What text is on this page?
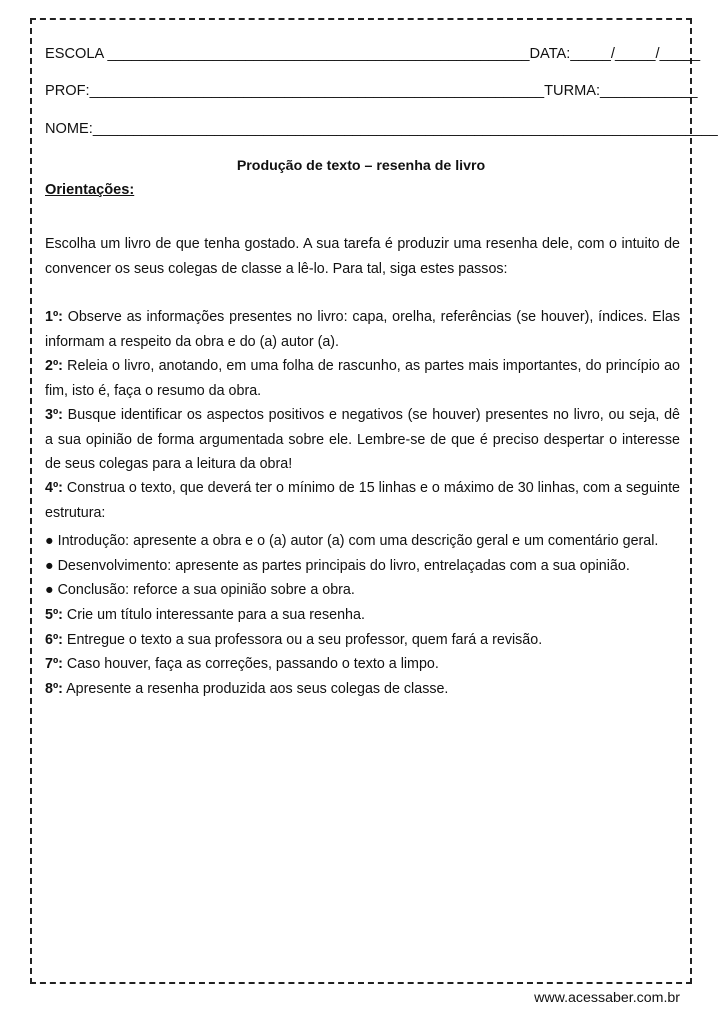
ESCOLA ____________________________________________________DATA:_____/_____/_____
PROF:________________________________________________________TURMA:____________
NOME:_____________________________________________________________________________
Produção de texto – resenha de livro
Orientações:
Escolha um livro de que tenha gostado. A sua tarefa é produzir uma resenha dele, com o intuito de convencer os seus colegas de classe a lê-lo. Para tal, siga estes passos:
1º: Observe as informações presentes no livro: capa, orelha, referências (se houver), índices. Elas informam a respeito da obra e do (a) autor (a).
2º: Releia o livro, anotando, em uma folha de rascunho, as partes mais importantes, do princípio ao fim, isto é, faça o resumo da obra.
3º: Busque identificar os aspectos positivos e negativos (se houver) presentes no livro, ou seja, dê a sua opinião de forma argumentada sobre ele. Lembre-se de que é preciso despertar o interesse de seus colegas para a leitura da obra!
4º: Construa o texto, que deverá ter o mínimo de 15 linhas e o máximo de 30 linhas, com a seguinte estrutura:
● Introdução: apresente a obra e o (a) autor (a) com uma descrição geral e um comentário geral.
● Desenvolvimento: apresente as partes principais do livro, entrelaçadas com a sua opinião.
● Conclusão: reforce a sua opinião sobre a obra.
5º: Crie um título interessante para a sua resenha.
6º: Entregue o texto a sua professora ou a seu professor, quem fará a revisão.
7º: Caso houver, faça as correções, passando o texto a limpo.
8º: Apresente a resenha produzida aos seus colegas de classe.
www.acessaber.com.br
